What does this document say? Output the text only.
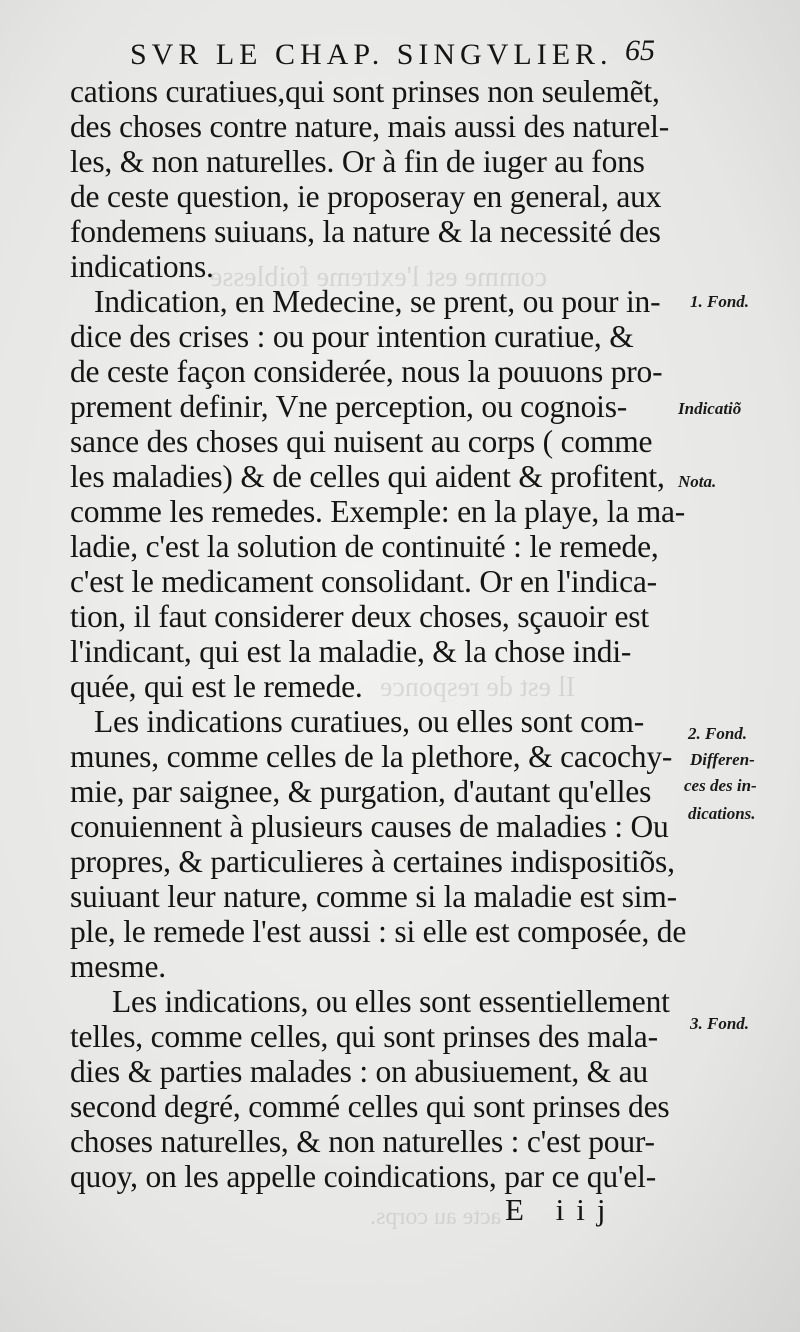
comme est l'extreme foiblesse
Il est de responce
acte au corps.
SVR LE CHAP. SINGVLIER. 65
cations curatiues,qui sont prinses non seulemẽt,
des choses contre nature, mais aussi des naturel-
les, & non naturelles. Or à fin de iuger au fons
de ceste question, ie proposeray en general, aux
fondemens suiuans, la nature & la necessité des
indications.
Indication, en Medecine, se prent, ou pour in-
dice des crises : ou pour intention curatiue, &
de ceste façon considerée, nous la pouuons pro-
prement definir, Vne perception, ou cognois-
sance des choses qui nuisent au corps ( comme
les maladies) & de celles qui aident & profitent,
comme les remedes. Exemple: en la playe, la ma-
ladie, c'est la solution de continuité : le remede,
c'est le medicament consolidant. Or en l'indica-
tion, il faut considerer deux choses, sçauoir est
l'indicant, qui est la maladie, & la chose indi-
quée, qui est le remede.
Les indications curatiues, ou elles sont com-
munes, comme celles de la plethore, & cacochy-
mie, par saignee, & purgation, d'autant qu'elles
conuiennent à plusieurs causes de maladies : Ou
propres, & particulieres à certaines indispositiõs,
suiuant leur nature, comme si la maladie est sim-
ple, le remede l'est aussi : si elle est composée, de
mesme.
Les indications, ou elles sont essentiellement
telles, comme celles, qui sont prinses des mala-
dies & parties malades : on abusiuement, & au
second degré, commé celles qui sont prinses des
choses naturelles, & non naturelles : c'est pour-
quoy, on les appelle coindications, par ce qu'el-
1. Fond.
Indicatiõ
Nota.
2. Fond.
Differen-
ces des in-
dications.
3. Fond.
E iij
